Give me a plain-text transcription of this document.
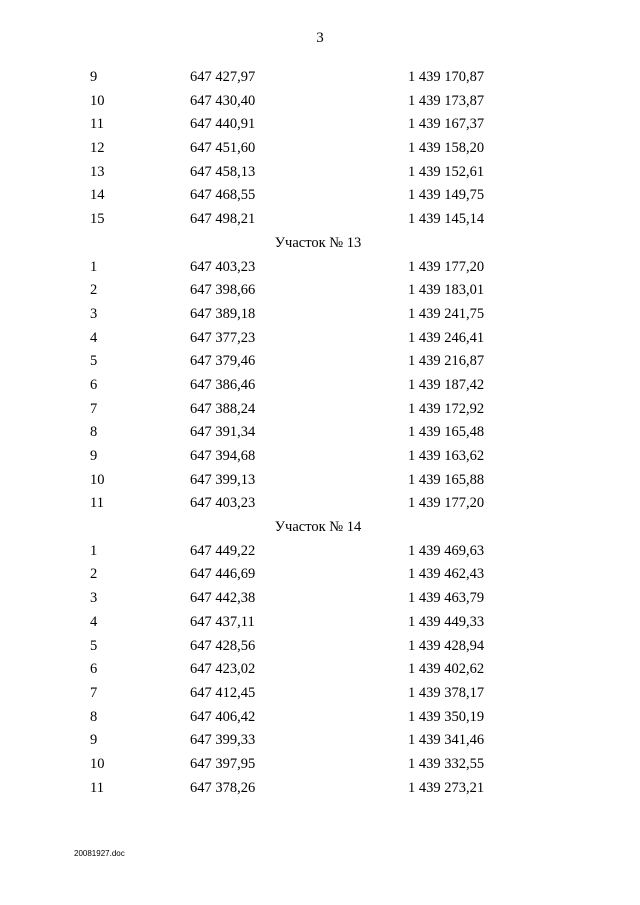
3
9	647 427,97	1 439 170,87
10	647 430,40	1 439 173,87
11	647 440,91	1 439 167,37
12	647 451,60	1 439 158,20
13	647 458,13	1 439 152,61
14	647 468,55	1 439 149,75
15	647 498,21	1 439 145,14
Участок № 13
1	647 403,23	1 439 177,20
2	647 398,66	1 439 183,01
3	647 389,18	1 439 241,75
4	647 377,23	1 439 246,41
5	647 379,46	1 439 216,87
6	647 386,46	1 439 187,42
7	647 388,24	1 439 172,92
8	647 391,34	1 439 165,48
9	647 394,68	1 439 163,62
10	647 399,13	1 439 165,88
11	647 403,23	1 439 177,20
Участок № 14
1	647 449,22	1 439 469,63
2	647 446,69	1 439 462,43
3	647 442,38	1 439 463,79
4	647 437,11	1 439 449,33
5	647 428,56	1 439 428,94
6	647 423,02	1 439 402,62
7	647 412,45	1 439 378,17
8	647 406,42	1 439 350,19
9	647 399,33	1 439 341,46
10	647 397,95	1 439 332,55
11	647 378,26	1 439 273,21
20081927.doc
